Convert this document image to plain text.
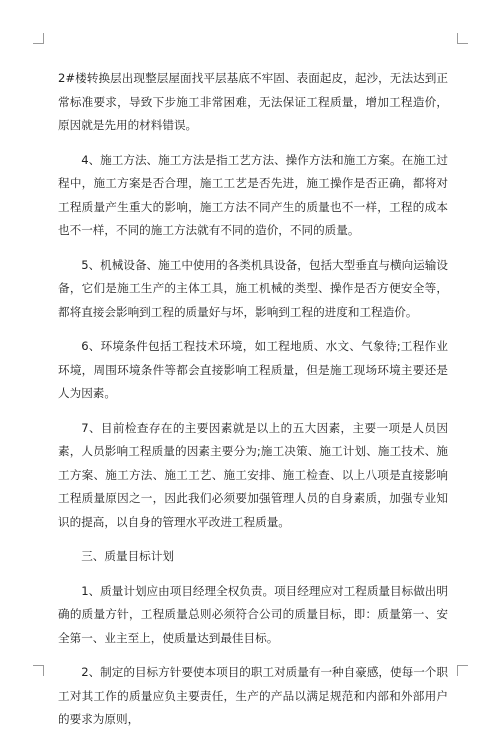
2#楼转换层出现整层屋面找平层基底不牢固、表面起皮，起沙，无法达到正常标准要求，导致下步施工非常困难，无法保证工程质量，增加工程造价，原因就是先用的材料错误。

4、施工方法、施工方法是指工艺方法、操作方法和施工方案。在施工过程中，施工方案是否合理，施工工艺是否先进，施工操作是否正确，都将对工程质量产生重大的影响，施工方法不同产生的质量也不一样，工程的成本也不一样，不同的施工方法就有不同的造价，不同的质量。

5、机械设备、施工中使用的各类机具设备，包括大型垂直与横向运输设备，它们是施工生产的主体工具，施工机械的类型、操作是否方便安全等，都将直接会影响到工程的质量好与坏，影响到工程的进度和工程造价。

6、环境条件包括工程技术环境，如工程地质、水文、气象待;工程作业环境，周围环境条件等都会直接影响工程质量，但是施工现场环境主要还是人为因素。

7、目前检查存在的主要因素就是以上的五大因素，主要一项是人员因素，人员影响工程质量的因素主要分为;施工决策、施工计划、施工技术、施工方案、施工方法、施工工艺、施工安排、施工检查、以上八项是直接影响工程质量原因之一，因此我们必须要加强管理人员的自身素质，加强专业知识的提高，以自身的管理水平改进工程质量。

三、质量目标计划

1、质量计划应由项目经理全权负责。项目经理应对工程质量目标做出明确的质量方针，工程质量总则必须符合公司的质量目标，即：质量第一、安全第一、业主至上，使质量达到最佳目标。

2、制定的目标方针要使本项目的职工对质量有一种自豪感，使每一个职工对其工作的质量应负主要责任，生产的产品以满足规范和内部和外部用户的要求为原则，
